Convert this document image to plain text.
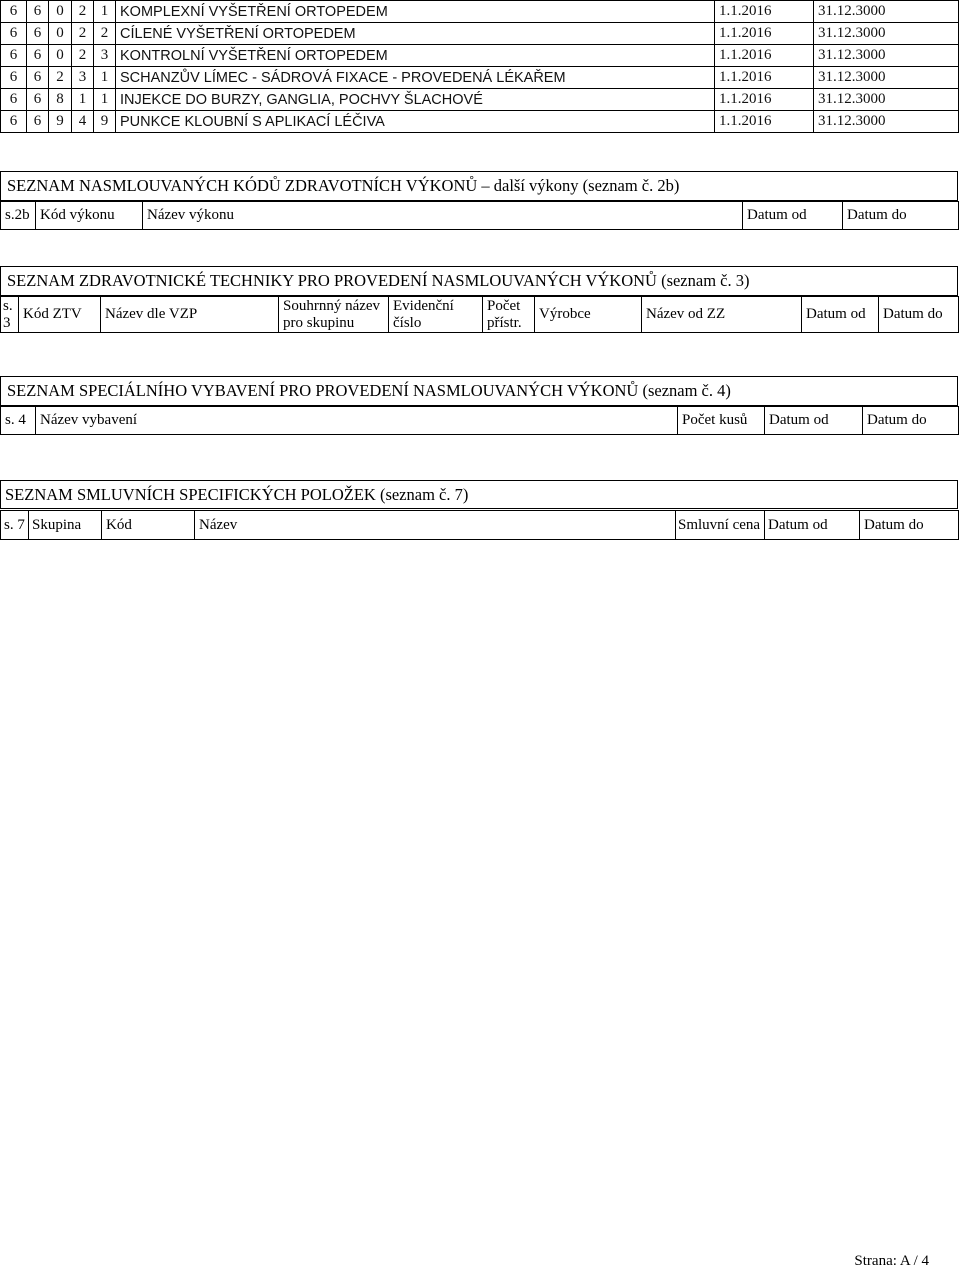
6	6	0	2	1	KOMPLEXNÍ VYŠETŘENÍ ORTOPEDEM	1.1.2016	31.12.3000
6	6	0	2	2	CÍLENÉ VYŠETŘENÍ ORTOPEDEM	1.1.2016	31.12.3000
6	6	0	2	3	KONTROLNÍ VYŠETŘENÍ ORTOPEDEM	1.1.2016	31.12.3000
6	6	2	3	1	SCHANZŮV LÍMEC - SÁDROVÁ FIXACE - PROVEDENÁ LÉKAŘEM	1.1.2016	31.12.3000
6	6	8	1	1	INJEKCE DO BURZY, GANGLIA, POCHVY ŠLACHOVÉ	1.1.2016	31.12.3000
6	6	9	4	9	PUNKCE KLOUBNÍ S APLIKACÍ LÉČIVA	1.1.2016	31.12.3000
SEZNAM NASMLOUVANÝCH KÓDŮ ZDRAVOTNÍCH VÝKONŮ – další výkony (seznam č. 2b)
s.2b	Kód výkonu	Název výkonu	Datum od	Datum do
SEZNAM ZDRAVOTNICKÉ TECHNIKY PRO PROVEDENÍ NASMLOUVANÝCH VÝKONŮ (seznam č. 3)
s. 3	Kód ZTV	Název dle VZP	Souhrnný název pro skupinu	Evidenční číslo	Počet přístr.	Výrobce	Název od ZZ	Datum od	Datum do
SEZNAM SPECIÁLNÍHO VYBAVENÍ PRO PROVEDENÍ NASMLOUVANÝCH VÝKONŮ (seznam č. 4)
s. 4	Název vybavení	Počet kusů	Datum od	Datum do
SEZNAM SMLUVNÍCH SPECIFICKÝCH POLOŽEK (seznam č. 7)
s. 7	Skupina	Kód	Název	Smluvní cena	Datum od	Datum do
Strana: A / 4
